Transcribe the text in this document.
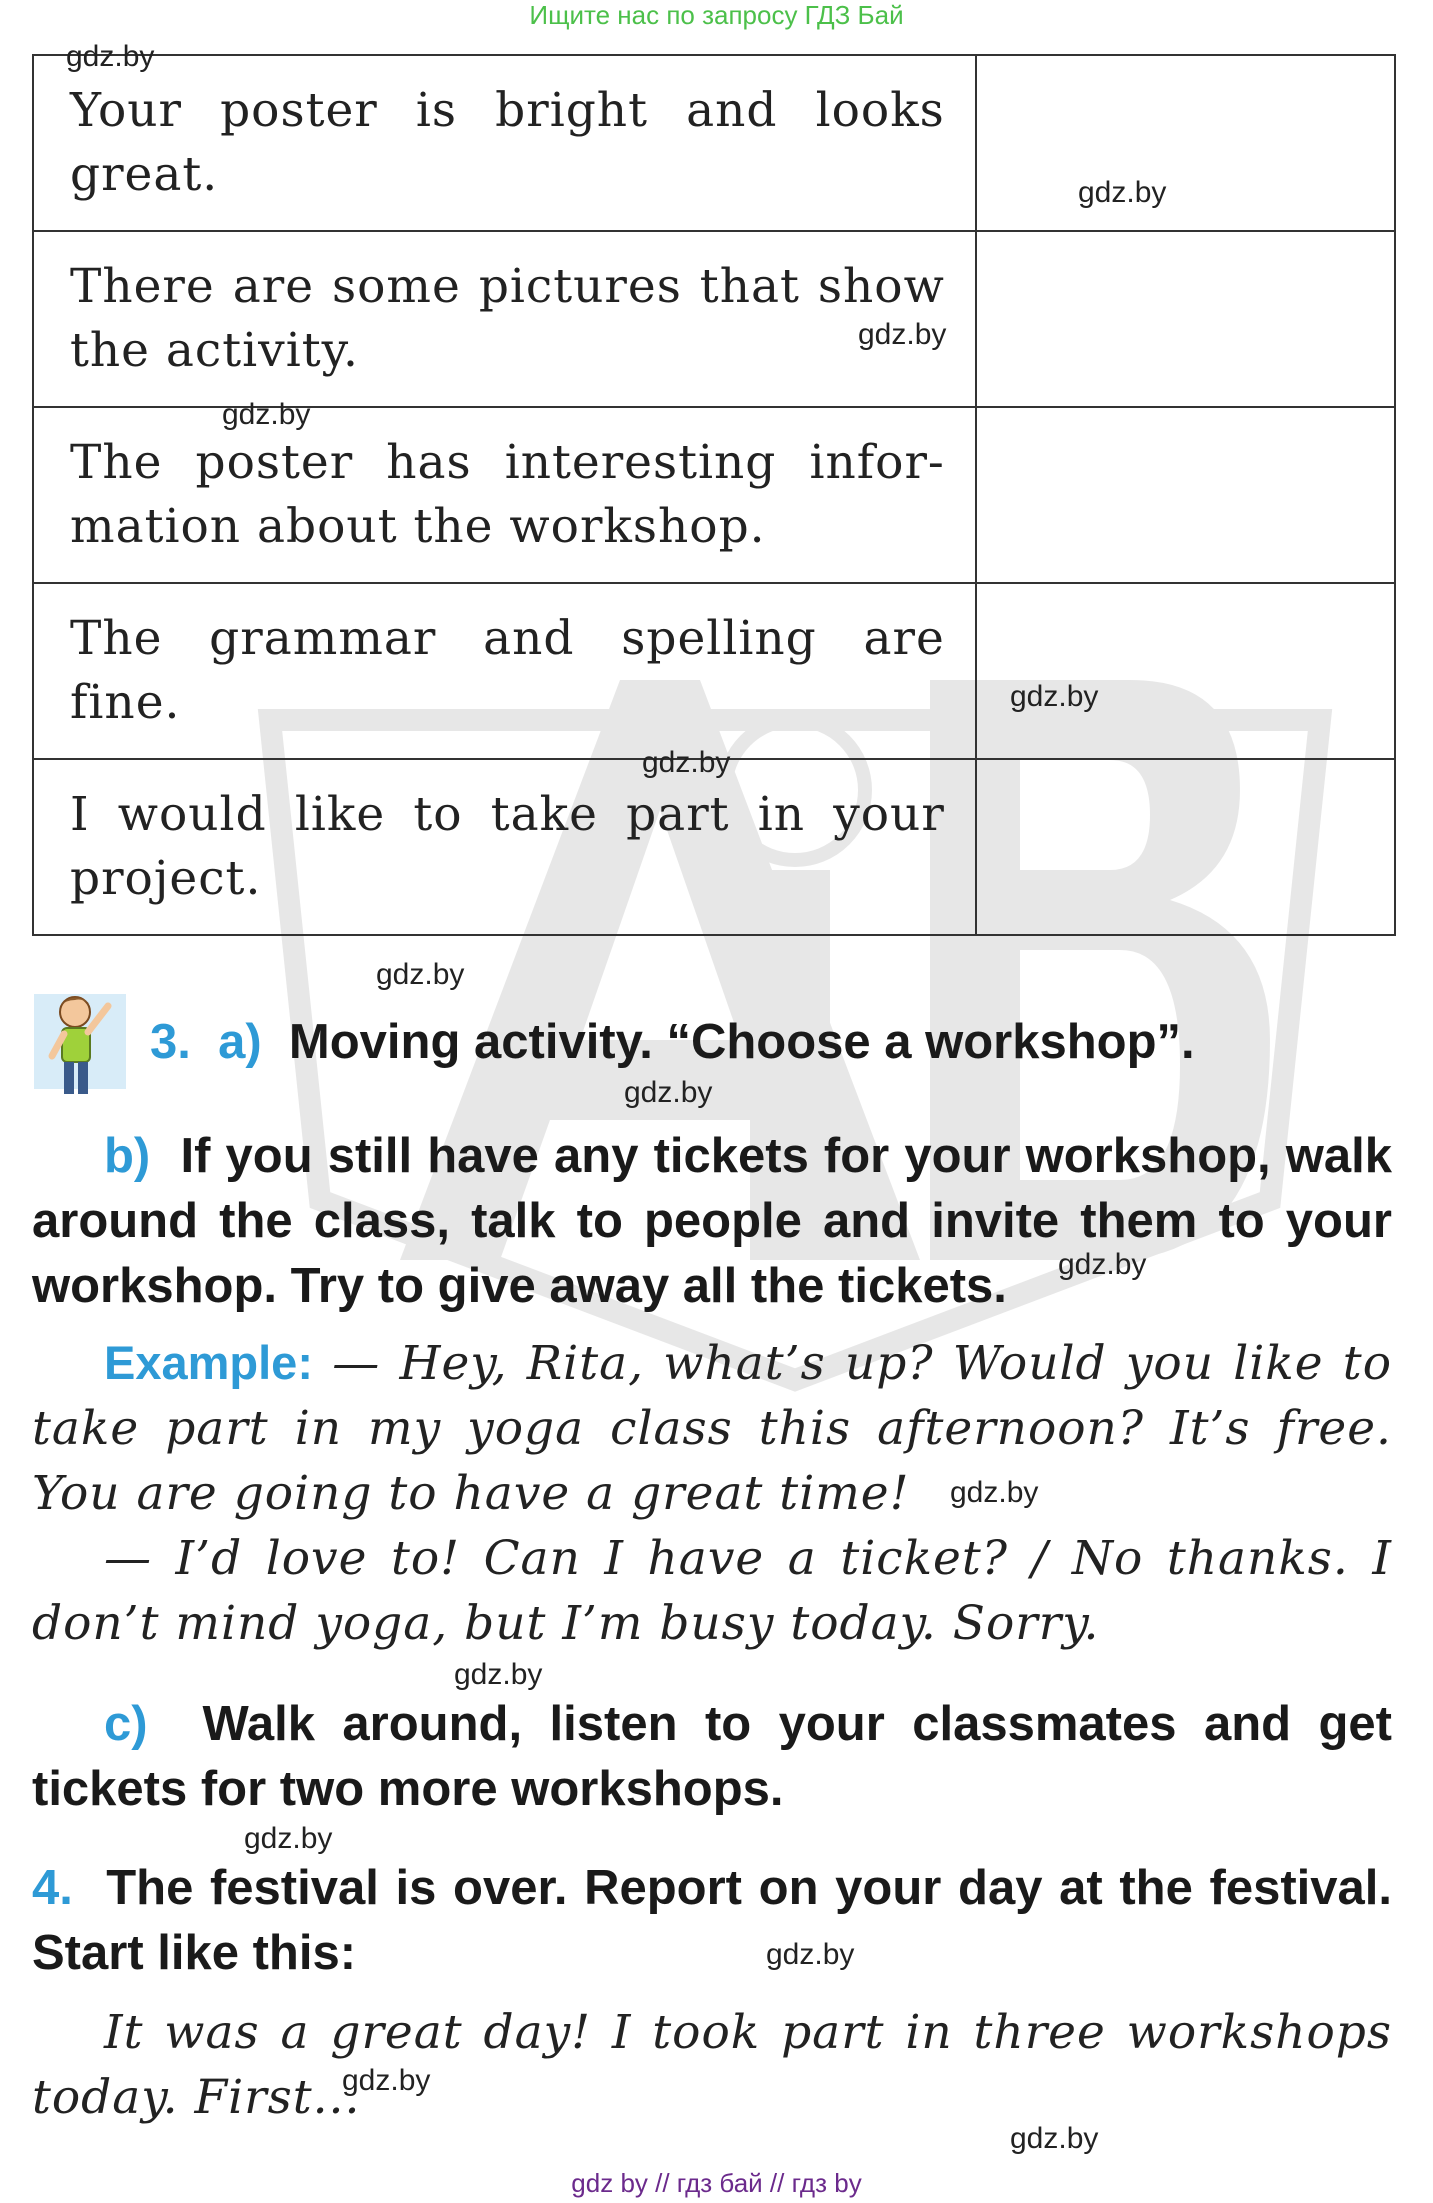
Ищите нас по запросу ГДЗ Бай
Your poster is bright and looks great.	
There are some pictures that show the activity.	
The poster has interesting infor-mation about the workshop.	
The grammar and spelling are fine.	
I would like to take part in your project.	
3. a) Moving activity. “Choose a workshop”.
b) If you still have any tickets for your workshop, walk around the class, talk to people and invite them to your workshop. Try to give away all the tickets.
Example: — Hey, Rita, what’s up? Would you like to take part in my yoga class this afternoon? It’s free. You are going to have a great time!
— I’d love to! Can I have a ticket? / No thanks. I don’t mind yoga, but I’m busy today. Sorry.
c) Walk around, listen to your classmates and get tickets for two more workshops.
4. The festival is over. Report on your day at the festival. Start like this:
It was a great day! I took part in three workshops today. First...
gdz.by
gdz.by
gdz.by
gdz.by
gdz.by
gdz.by
gdz.by
gdz.by
gdz.by
gdz.by
gdz.by
gdz.by
gdz.by
gdz.by
gdz.by
gdz by // гдз бай // гдз by
